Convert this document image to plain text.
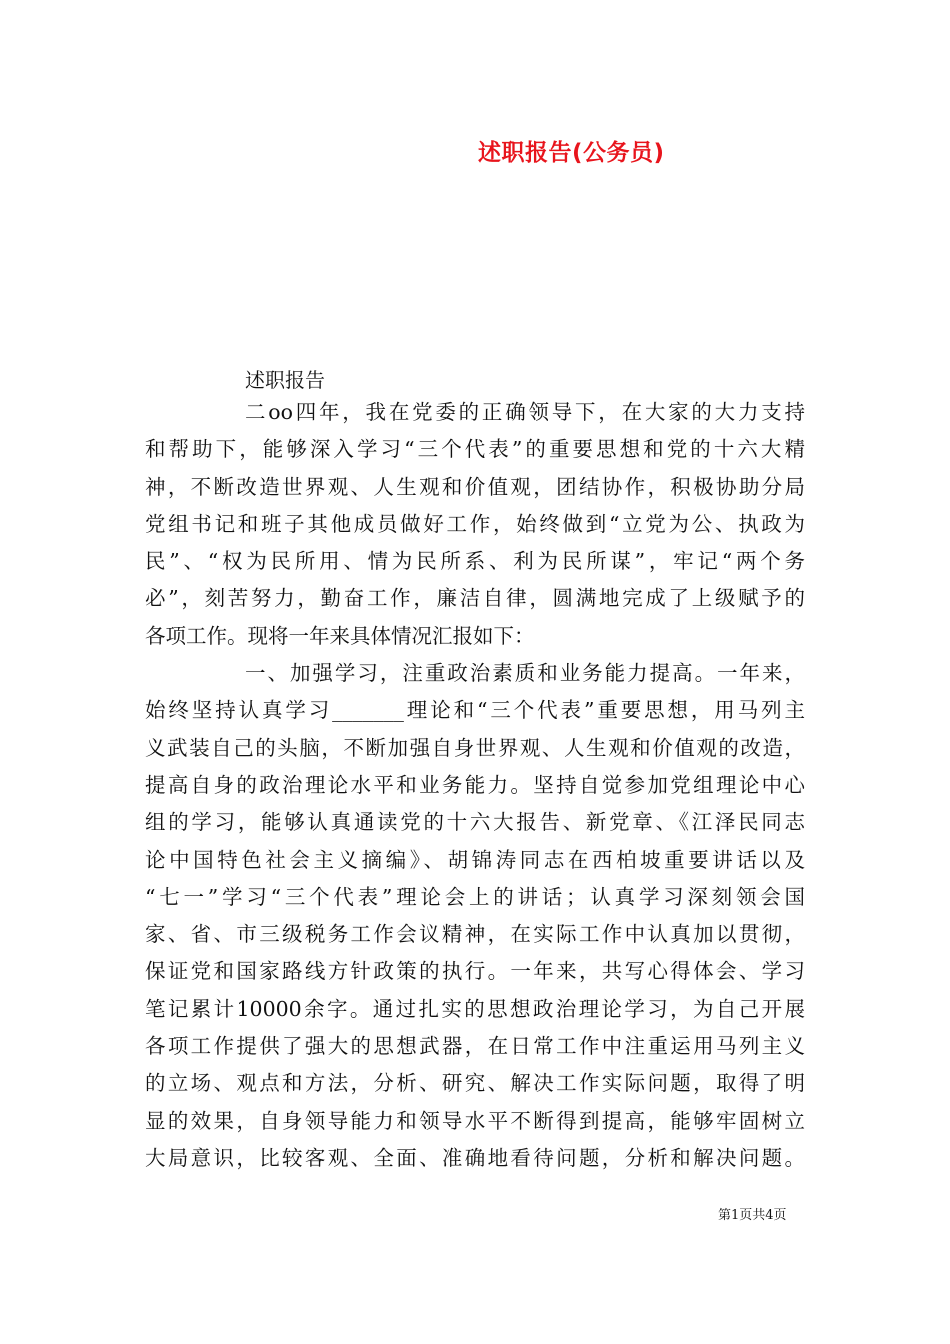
述职报告(公务员)
述职报告
二oo四年，我在党委的正确领导下，在大家的大力支持
和帮助下，能够深入学习“三个代表”的重要思想和党的十六大精
神，不断改造世界观、人生观和价值观，团结协作，积极协助分局
党组书记和班子其他成员做好工作，始终做到“立党为公、执政为
民”、“权为民所用、情为民所系、利为民所谋”，牢记“两个务
必”，刻苦努力，勤奋工作，廉洁自律，圆满地完成了上级赋予的
各项工作。现将一年来具体情况汇报如下：
一、加强学习，注重政治素质和业务能力提高。一年来，
始终坚持认真学习_______理论和“三个代表”重要思想，用马列主
义武装自己的头脑，不断加强自身世界观、人生观和价值观的改造，
提高自身的政治理论水平和业务能力。坚持自觉参加党组理论中心
组的学习，能够认真通读党的十六大报告、新党章、《江泽民同志
论中国特色社会主义摘编》、胡锦涛同志在西柏坡重要讲话以及
“七一”学习“三个代表”理论会上的讲话；认真学习深刻领会国
家、省、市三级税务工作会议精神，在实际工作中认真加以贯彻，
保证党和国家路线方针政策的执行。一年来，共写心得体会、学习
笔记累计10000余字。通过扎实的思想政治理论学习，为自己开展
各项工作提供了强大的思想武器，在日常工作中注重运用马列主义
的立场、观点和方法，分析、研究、解决工作实际问题，取得了明
显的效果，自身领导能力和领导水平不断得到提高，能够牢固树立
大局意识，比较客观、全面、准确地看待问题，分析和解决问题。
第1页共4页
